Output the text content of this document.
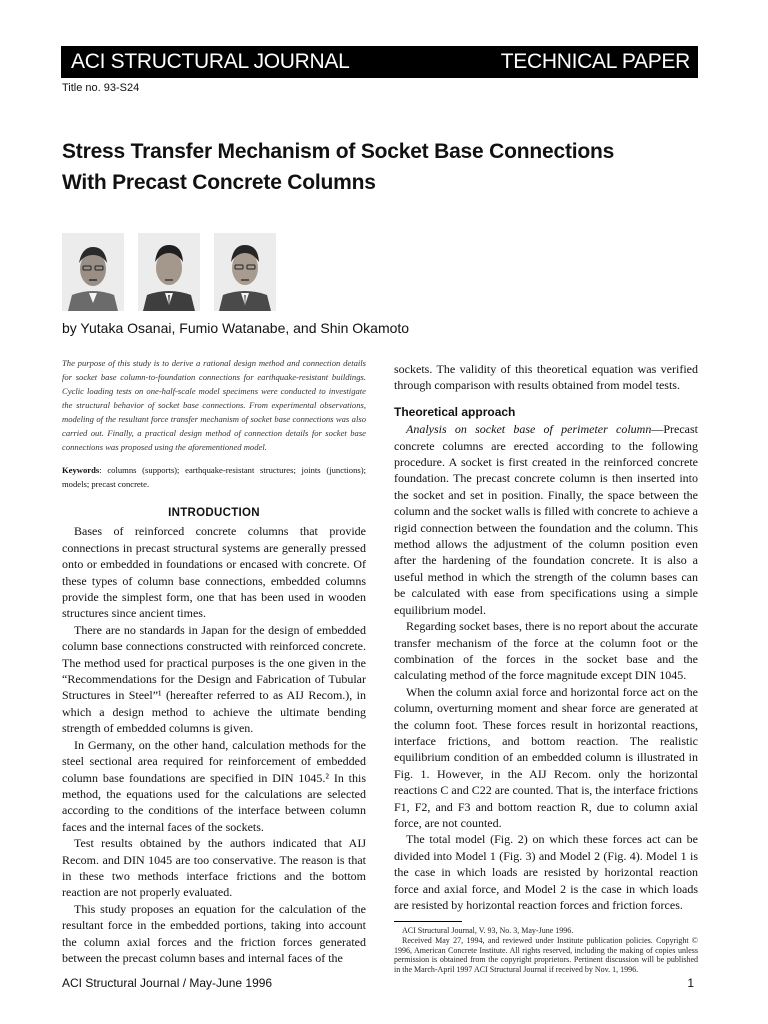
ACI STRUCTURAL JOURNAL	TECHNICAL PAPER
Title no. 93-S24
Stress Transfer Mechanism of Socket Base Connections
With Precast Concrete Columns
by Yutaka Osanai, Fumio Watanabe, and Shin Okamoto

The purpose of this study is to derive a rational design method and connection details for socket base column-to-foundation connections for earthquake-resistant buildings. Cyclic loading tests on one-half-scale model specimens were conducted to investigate the structural behavior of socket base connections. From experimental observations, modeling of the resultant force transfer mechanism of socket base connections was also carried out. Finally, a practical design method of connection details for socket base connections was proposed using the aforementioned model.

Keywords: columns (supports); earthquake-resistant structures; joints (junctions); models; precast concrete.

INTRODUCTION

Bases of reinforced concrete columns that provide connections in precast structural systems are generally pressed onto or embedded in foundations or encased with concrete. Of these types of column base connections, embedded columns provide the simplest form, one that has been used in wooden structures since ancient times.

There are no standards in Japan for the design of embedded column base connections constructed with reinforced concrete. The method used for practical purposes is the one given in the “Recommendations for the Design and Fabrication of Tubular Structures in Steel”¹ (hereafter referred to as AIJ Recom.), in which a design method to achieve the ultimate bending strength of embedded columns is given.

In Germany, on the other hand, calculation methods for the steel sectional area required for reinforcement of embedded column base foundations are specified in DIN 1045.² In this method, the equations used for the calculations are selected according to the conditions of the interface between column faces and the internal faces of the sockets.

Test results obtained by the authors indicated that AIJ Recom. and DIN 1045 are too conservative. The reason is that in these two methods interface frictions and the bottom reaction are not properly evaluated.

This study proposes an equation for the calculation of the resultant force in the embedded portions, taking into account the column axial forces and the friction forces generated between the precast column bases and internal faces of the

sockets. The validity of this theoretical equation was verified through comparison with results obtained from model tests.

Theoretical approach

Analysis on socket base of perimeter column—Precast concrete columns are erected according to the following procedure. A socket is first created in the reinforced concrete foundation. The precast concrete column is then inserted into the socket and set in position. Finally, the space between the column and the socket walls is filled with concrete to achieve a rigid connection between the foundation and the column. This method allows the adjustment of the column position even after the hardening of the foundation concrete. It is also a useful method in which the strength of the column bases can be calculated with ease from specifications using a simple equilibrium model.

Regarding socket bases, there is no report about the accurate transfer mechanism of the force at the column foot or the combination of the forces in the socket base and the calculating method of the force magnitude except DIN 1045.

When the column axial force and horizontal force act on the column, overturning moment and shear force are generated at the column foot. These forces result in horizontal reactions, interface frictions, and bottom reaction. The realistic equilibrium condition of an embedded column is illustrated in Fig. 1. However, in the AIJ Recom. only the horizontal reactions C and C22 are counted. That is, the interface frictions F1, F2, and F3 and bottom reaction R, due to column axial force, are not counted.

The total model (Fig. 2) on which these forces act can be divided into Model 1 (Fig. 3) and Model 2 (Fig. 4). Model 1 is the case in which loads are resisted by horizontal reaction force and axial force, and Model 2 is the case in which loads are resisted by horizontal reaction forces and friction forces.

ACI Structural Journal, V. 93, No. 3, May-June 1996.

Received May 27, 1994, and reviewed under Institute publication policies. Copyright © 1996, American Concrete Institute. All rights reserved, including the making of copies unless permission is obtained from the copyright proprietors. Pertinent discussion will be published in the March-April 1997 ACI Structural Journal if received by Nov. 1, 1996.

ACI Structural Journal / May-June 1996	1
